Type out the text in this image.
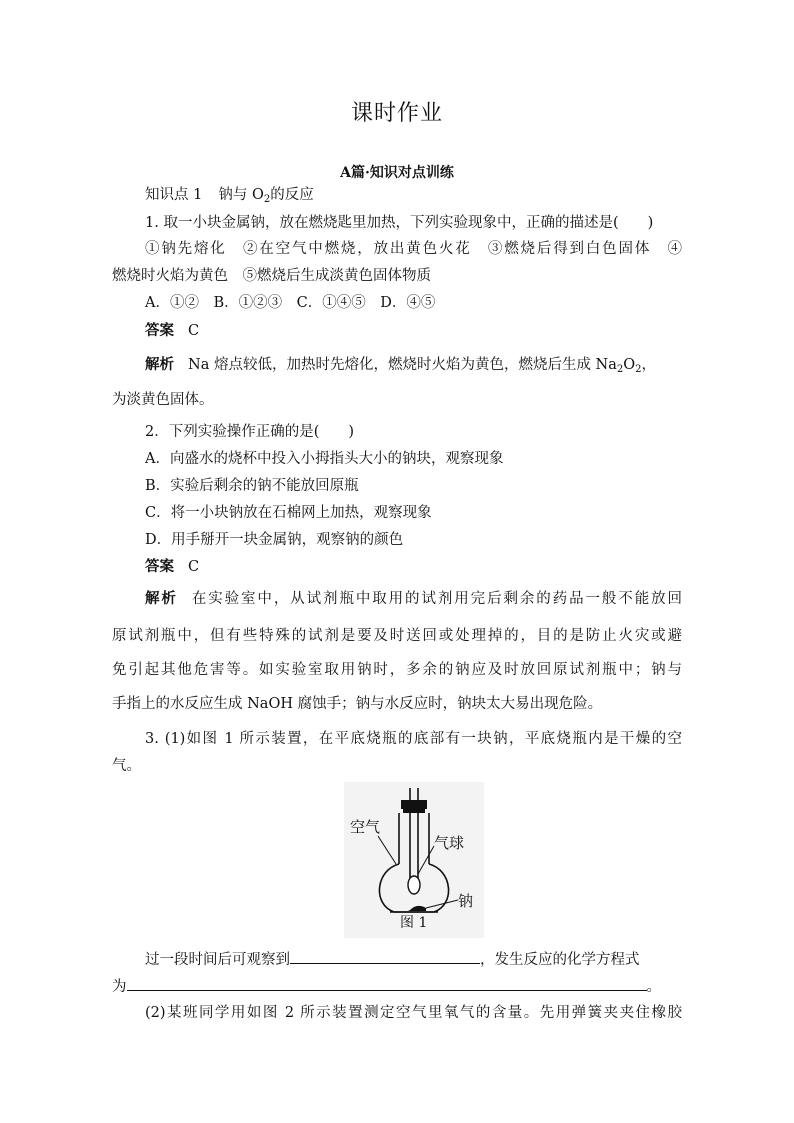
课时作业
A篇·知识对点训练
知识点 1 钠与 $O_2$的反应
1. 取一小块金属钠，放在燃烧匙里加热，下列实验现象中，正确的描述是(　　)
①钠先熔化　②在空气中燃烧，放出黄色火花　③燃烧后得到白色固体　④
燃烧时火焰为黄色　⑤燃烧后生成淡黄色固体物质
A．①②　B．①②③　C．①④⑤　D．④⑤
答案 C
解析 Na 熔点较低，加热时先熔化，燃烧时火焰为黄色，燃烧后生成 $Na_2O_2$，
为淡黄色固体。
2．下列实验操作正确的是(　　)
A．向盛水的烧杯中投入小拇指头大小的钠块，观察现象
B．实验后剩余的钠不能放回原瓶
C．将一小块钠放在石棉网上加热，观察现象
D．用手掰开一块金属钠，观察钠的颜色
答案 C
解析 在实验室中，从试剂瓶中取用的试剂用完后剩余的药品一般不能放回
原试剂瓶中，但有些特殊的试剂是要及时送回或处理掉的，目的是防止火灾或避
免引起其他危害等。如实验室取用钠时，多余的钠应及时放回原试剂瓶中；钠与
手指上的水反应生成 NaOH 腐蚀手；钠与水反应时，钠块太大易出现危险。
3. (1)如图 1 所示装置，在平底烧瓶的底部有一块钠，平底烧瓶内是干燥的空
气。
空气
气球
钠
图 1
过一段时间后可观察到	，发生反应的化学方程式
为	。
(2)某班同学用如图 2 所示装置测定空气里氧气的含量。先用弹簧夹夹住橡胶
